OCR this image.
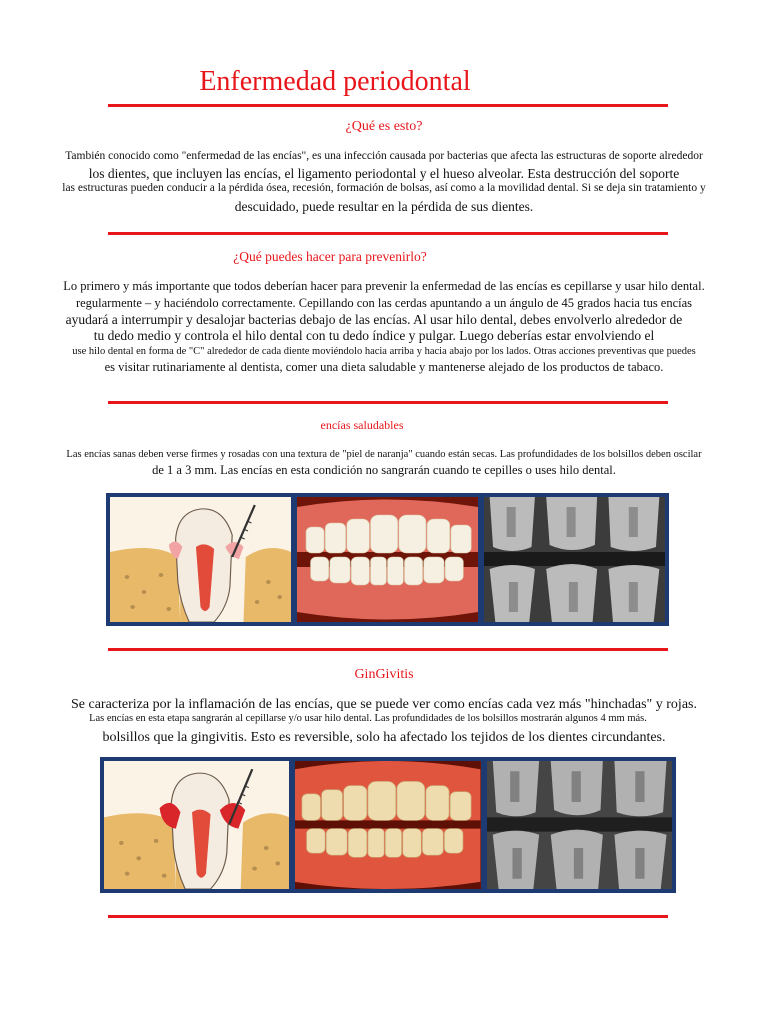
Enfermedad periodontal
¿Qué es esto?
También conocido como "enfermedad de las encías", es una infección causada por bacterias que afecta las estructuras de soporte alrededor
los dientes, que incluyen las encías, el ligamento periodontal y el hueso alveolar. Esta destrucción del soporte
las estructuras pueden conducir a la pérdida ósea, recesión, formación de bolsas, así como a la movilidad dental. Si se deja sin tratamiento y
descuidado, puede resultar en la pérdida de sus dientes.
¿Qué puedes hacer para prevenirlo?
Lo primero y más importante que todos deberían hacer para prevenir la enfermedad de las encías es cepillarse y usar hilo dental.
regularmente – y haciéndolo correctamente. Cepillando con las cerdas apuntando a un ángulo de 45 grados hacia tus encías
ayudará a interrumpir y desalojar bacterias debajo de las encías. Al usar hilo dental, debes envolverlo alrededor de
tu dedo medio y controla el hilo dental con tu dedo índice y pulgar. Luego deberías estar envolviendo el
use hilo dental en forma de "C" alrededor de cada diente moviéndolo hacia arriba y hacia abajo por los lados. Otras acciones preventivas que puedes
es visitar rutinariamente al dentista, comer una dieta saludable y mantenerse alejado de los productos de tabaco.
encías saludables
Las encías sanas deben verse firmes y rosadas con una textura de "piel de naranja" cuando están secas. Las profundidades de los bolsillos deben oscilar
de 1 a 3 mm. Las encías en esta condición no sangrarán cuando te cepilles o uses hilo dental.
GinGivitis
Se caracteriza por la inflamación de las encías, que se puede ver como encías cada vez más "hinchadas" y rojas.
Las encías en esta etapa sangrarán al cepillarse y/o usar hilo dental. Las profundidades de los bolsillos mostrarán algunos 4 mm más.
bolsillos que la gingivitis. Esto es reversible, solo ha afectado los tejidos de los dientes circundantes.
